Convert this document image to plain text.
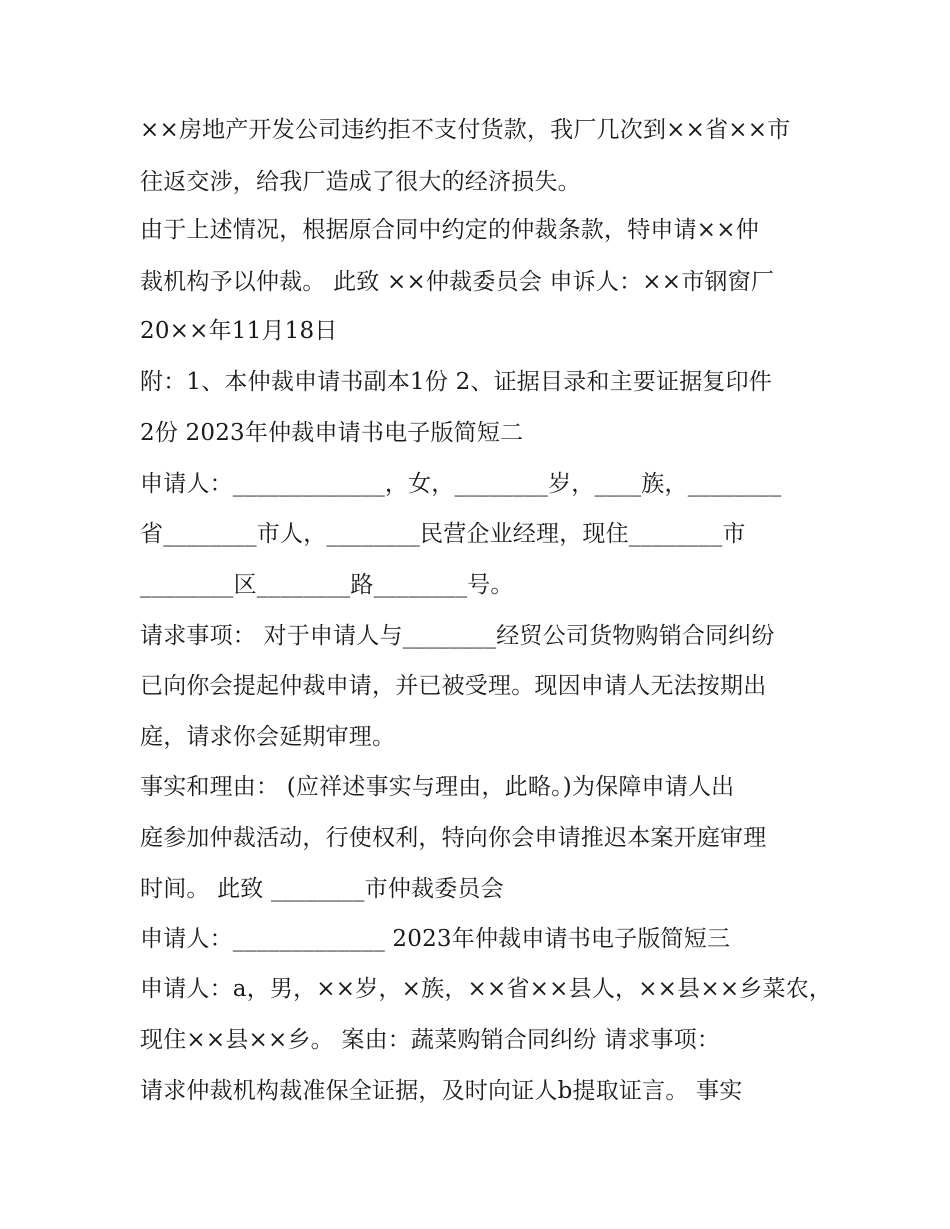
××房地产开发公司违约拒不支付货款，我厂几次到××省××市
往返交涉，给我厂造成了很大的经济损失。
由于上述情况，根据原合同中约定的仲裁条款，特申请××仲
裁机构予以仲裁。 此致 ××仲裁委员会 申诉人：××市钢窗厂
20××年11月18日
附：1、本仲裁申请书副本1份 2、证据目录和主要证据复印件
2份 2023年仲裁申请书电子版简短二
申请人：_____________，女，________岁，____族，________
省________市人，________民营企业经理，现住________市
________区________路________号。
请求事项： 对于申请人与________经贸公司货物购销合同纠纷
已向你会提起仲裁申请，并已被受理。现因申请人无法按期出
庭，请求你会延期审理。
事实和理由： (应祥述事实与理由，此略。)为保障申请人出
庭参加仲裁活动，行使权利，特向你会申请推迟本案开庭审理
时间。 此致 ________市仲裁委员会
申请人：_____________ 2023年仲裁申请书电子版简短三
申请人：a，男，××岁，×族，××省××县人，××县××乡菜农，
现住××县××乡。 案由：蔬菜购销合同纠纷 请求事项：
请求仲裁机构裁准保全证据，及时向证人b提取证言。 事实
